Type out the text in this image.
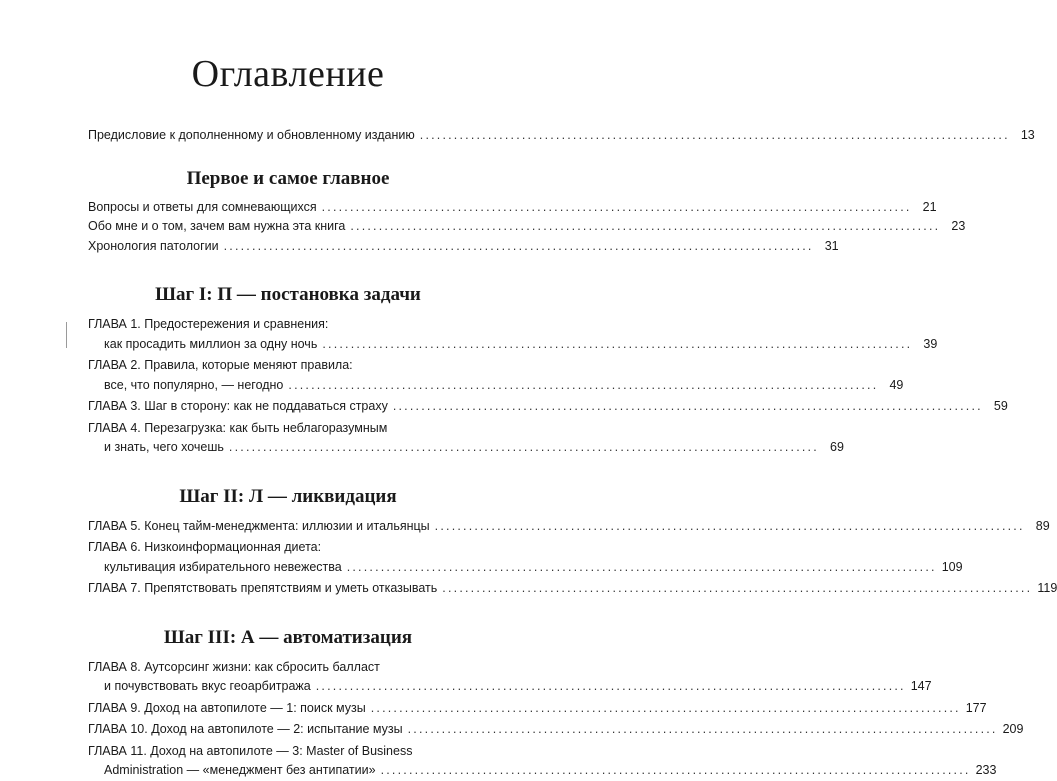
Оглавление
Предисловие к дополненному и обновленному изданию ........................................................................................................ 13
Первое и самое главное
Вопросы и ответы для сомневающихся ........................................................................................................ 21
Обо мне и о том, зачем вам нужна эта книга ........................................................................................................ 23
Хронология патологии ........................................................................................................ 31
Шаг I: П — постановка задачи
ГЛАВА 1. Предостережения и сравнения:
как просадить миллион за одну ночь ........................................................................................................ 39
ГЛАВА 2. Правила, которые меняют правила:
все, что популярно, — негодно ........................................................................................................ 49
ГЛАВА 3. Шаг в сторону: как не поддаваться страху ........................................................................................................ 59
ГЛАВА 4. Перезагрузка: как быть неблагоразумным
и знать, чего хочешь ........................................................................................................ 69
Шаг II: Л — ликвидация
ГЛАВА 5. Конец тайм-менеджмента: иллюзии и итальянцы ........................................................................................................ 89
ГЛАВА 6. Низкоинформационная диета:
культивация избирательного невежества ........................................................................................................ 109
ГЛАВА 7. Препятствовать препятствиям и уметь отказывать ........................................................................................................ 119
Шаг III: А — автоматизация
ГЛАВА 8. Аутсорсинг жизни: как сбросить балласт
и почувствовать вкус геоарбитража ........................................................................................................ 147
ГЛАВА 9. Доход на автопилоте — 1: поиск музы ........................................................................................................ 177
ГЛАВА 10. Доход на автопилоте — 2: испытание музы ........................................................................................................ 209
ГЛАВА 11. Доход на автопилоте — 3: Master of Business
Administration — «менеджмент без антипатии» ........................................................................................................ 233
